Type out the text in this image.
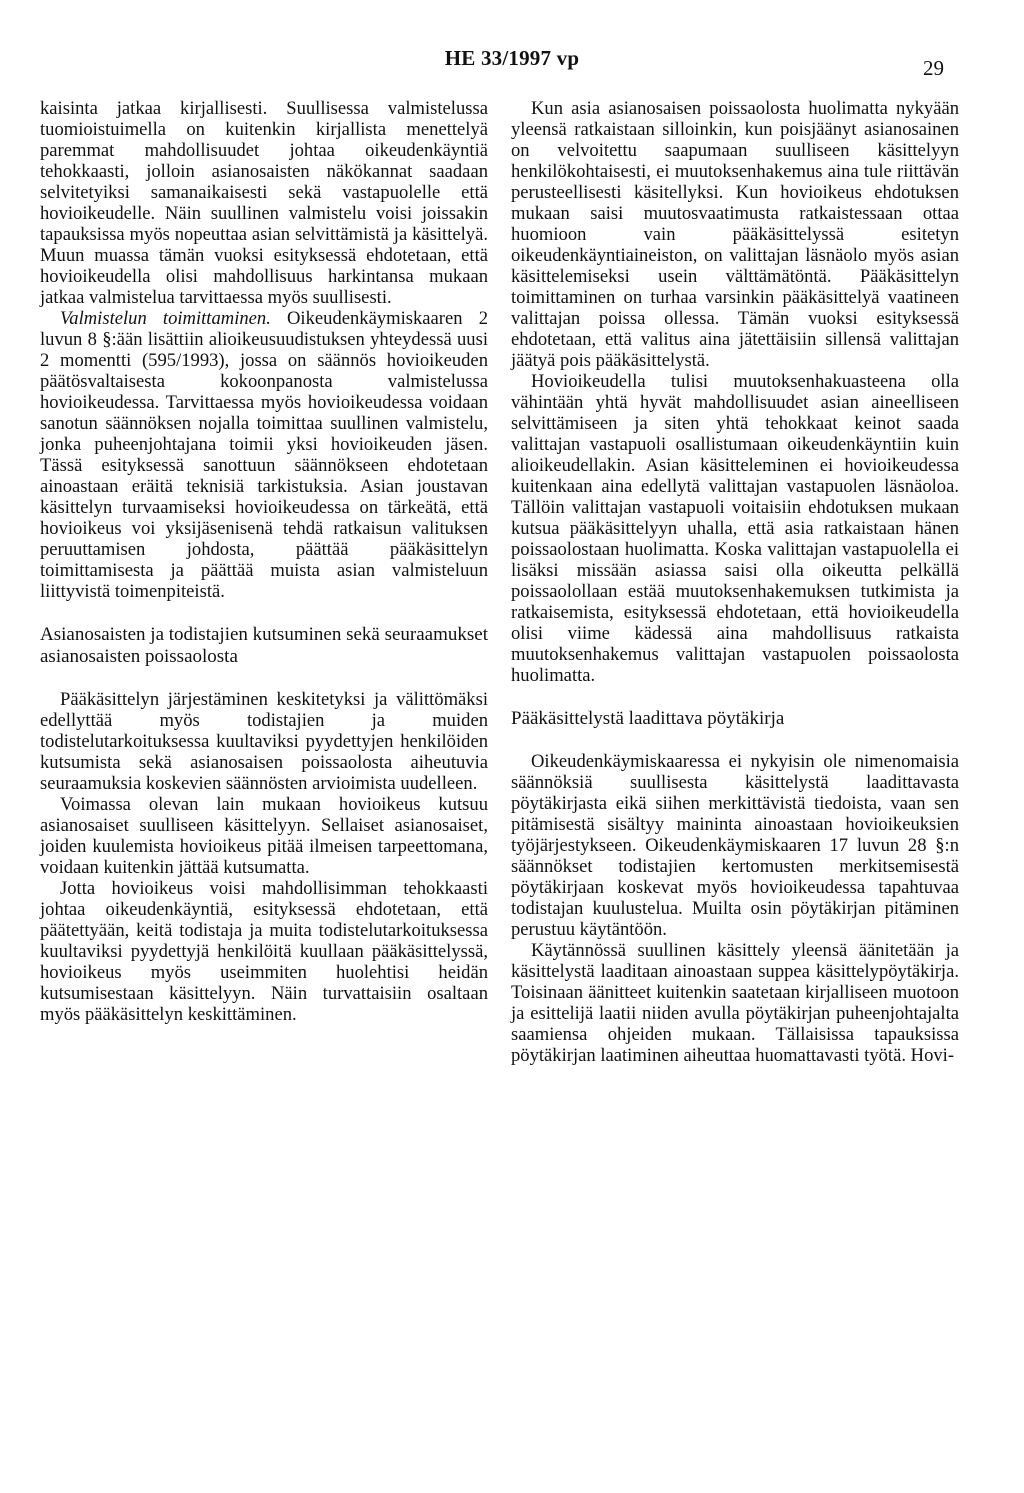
HE 33/1997 vp	29

kaisinta jatkaa kirjallisesti. Suullisessa valmistelussa tuomioistuimella on kuitenkin kirjallista menettelyä paremmat mahdollisuudet johtaa oikeudenkäyntiä tehokkaasti, jolloin asianosaisten näkökannat saadaan selvitetyiksi samanaikaisesti sekä vastapuolelle että hovioikeudelle. Näin suullinen valmistelu voisi joissakin tapauksissa myös nopeuttaa asian selvittämistä ja käsittelyä. Muun muassa tämän vuoksi esityksessä ehdotetaan, että hovioikeudella olisi mahdollisuus harkintansa mukaan jatkaa valmistelua tarvittaessa myös suullisesti.

Valmistelun toimittaminen. Oikeudenkäymiskaaren 2 luvun 8 §:ään lisättiin alioikeusuudistuksen yhteydessä uusi 2 momentti (595/1993), jossa on säännös hovioikeuden päätösvaltaisesta kokoonpanosta valmistelussa hovioikeudessa. Tarvittaessa myös hovioikeudessa voidaan sanotun säännöksen nojalla toimittaa suullinen valmistelu, jonka puheenjohtajana toimii yksi hovioikeuden jäsen. Tässä esityksessä sanottuun säännökseen ehdotetaan ainoastaan eräitä teknisiä tarkistuksia. Asian joustavan käsittelyn turvaamiseksi hovioikeudessa on tärkeätä, että hovioikeus voi yksijäsenisenä tehdä ratkaisun valituksen peruuttamisen johdosta, päättää pääkäsittelyn toimittamisesta ja päättää muista asian valmisteluun liittyvistä toimenpiteistä.

Asianosaisten ja todistajien kutsuminen sekä seuraamukset asianosaisten poissaolosta

Pääkäsittelyn järjestäminen keskitetyksi ja välittömäksi edellyttää myös todistajien ja muiden todistelutarkoituksessa kuultaviksi pyydettyjen henkilöiden kutsumista sekä asianosaisen poissaolosta aiheutuvia seuraamuksia koskevien säännösten arvioimista uudelleen.

Voimassa olevan lain mukaan hovioikeus kutsuu asianosaiset suulliseen käsittelyyn. Sellaiset asianosaiset, joiden kuulemista hovioikeus pitää ilmeisen tarpeettomana, voidaan kuitenkin jättää kutsumatta.

Jotta hovioikeus voisi mahdollisimman tehokkaasti johtaa oikeudenkäyntiä, esityksessä ehdotetaan, että päätettyään, keitä todistaja ja muita todistelutarkoituksessa kuultaviksi pyydettyjä henkilöitä kuullaan pääkäsittelyssä, hovioikeus myös useimmiten huolehtisi heidän kutsumisestaan käsittelyyn. Näin turvattaisiin osaltaan myös pääkäsittelyn keskittäminen.

Kun asia asianosaisen poissaolosta huolimatta nykyään yleensä ratkaistaan silloinkin, kun poisjäänyt asianosainen on velvoitettu saapumaan suulliseen käsittelyyn henkilökohtaisesti, ei muutoksenhakemus aina tule riittävän perusteellisesti käsitellyksi. Kun hovioikeus ehdotuksen mukaan saisi muutosvaatimusta ratkaistessaan ottaa huomioon vain pääkäsittelyssä esitetyn oikeudenkäyntiaineiston, on valittajan läsnäolo myös asian käsittelemiseksi usein välttämätöntä. Pääkäsittelyn toimittaminen on turhaa varsinkin pääkäsittelyä vaatineen valittajan poissa ollessa. Tämän vuoksi esityksessä ehdotetaan, että valitus aina jätettäisiin sillensä valittajan jäätyä pois pääkäsittelystä.

Hovioikeudella tulisi muutoksenhakuasteena olla vähintään yhtä hyvät mahdollisuudet asian aineelliseen selvittämiseen ja siten yhtä tehokkaat keinot saada valittajan vastapuoli osallistumaan oikeudenkäyntiin kuin alioikeudellakin. Asian käsitteleminen ei hovioikeudessa kuitenkaan aina edellytä valittajan vastapuolen läsnäoloa. Tällöin valittajan vastapuoli voitaisiin ehdotuksen mukaan kutsua pääkäsittelyyn uhalla, että asia ratkaistaan hänen poissaolostaan huolimatta. Koska valittajan vastapuolella ei lisäksi missään asiassa saisi olla oikeutta pelkällä poissaolollaan estää muutoksenhakemuksen tutkimista ja ratkaisemista, esityksessä ehdotetaan, että hovioikeudella olisi viime kädessä aina mahdollisuus ratkaista muutoksenhakemus valittajan vastapuolen poissaolosta huolimatta.

Pääkäsittelystä laadittava pöytäkirja

Oikeudenkäymiskaaressa ei nykyisin ole nimenomaisia säännöksiä suullisesta käsittelystä laadittavasta pöytäkirjasta eikä siihen merkittävistä tiedoista, vaan sen pitämisestä sisältyy maininta ainoastaan hovioikeuksien työjärjestykseen. Oikeudenkäymiskaaren 17 luvun 28 §:n säännökset todistajien kertomusten merkitsemisestä pöytäkirjaan koskevat myös hovioikeudessa tapahtuvaa todistajan kuulustelua. Muilta osin pöytäkirjan pitäminen perustuu käytäntöön.

Käytännössä suullinen käsittely yleensä äänitetään ja käsittelystä laaditaan ainoastaan suppea käsittelypöytäkirja. Toisinaan äänitteet kuitenkin saatetaan kirjalliseen muotoon ja esittelijä laatii niiden avulla pöytäkirjan puheenjohtajalta saamiensa ohjeiden mukaan. Tällaisissa tapauksissa pöytäkirjan laatiminen aiheuttaa huomattavasti työtä. Hovi-
